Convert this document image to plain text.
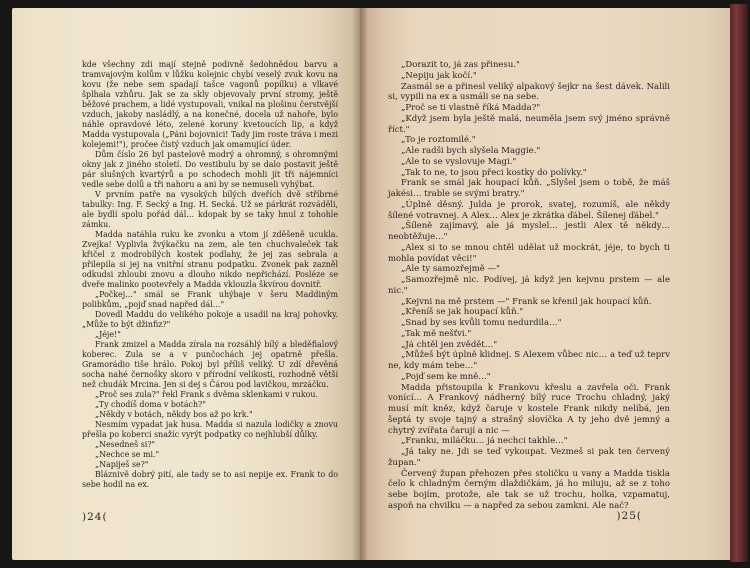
kde všechny zdi mají stejně podivně šedohnědou barvu a tramvajovým kolům v lůžku kolejnic chybí veselý zvuk kovu na kovu (že nebe sem spadají tašce vagonů popílku) a vlkavé šplhala vzhůru. Jak se za skly objevovaly první stromy, ještě běžové prachem, a lidé vystupovali, vnikal na plošinu čerstvější vzduch, jakoby nasládlý, a na konečné, docela už nahoře, bylo náhle opravdové léto, zelené koruny kvetoucích lip, a když Madda vystupovala („Páni bojovnici! Tady jim roste tráva i mezi kolejemi!"), pročee čistý vzduch jak omamující úder.

Dům číslo 26 byl pastelově modrý a ohromný, s ohromnými okny jak z jiného století. Do vestibulu by se dalo postavit ještě pár slušných kvartýrů a po schodech mohli jít tři nájemníci vedle sebe dolů a tři nahoru a ani by se nemuseli vyhýbat.

V prvním patře na vysokých bílých dveřích dvě stříbrné tabulky: Ing. F. Secký a Ing. H. Secká. Už se párkrát rozváděli, ale bydlí spolu pořád dál… kdopak by se taky hnul z tohohle zámku.

Madda natáhla ruku ke zvonku a vtom jí zděšeně ucukla. Zvejka! Vyplivla žvýkačku na zem, ale ten chuchvaleček tak křičel z modrobílých kostek podlahy, že jej zas sebrala a přilepila si jej na vnitřní stranu podpatku. Zvonek pak zazněl odkudsi zhloubi znovu a dlouho nikdo nepřichází. Posléze se dveře malinko pootevřely a Madda vklouzla škvírou dovnitř.

„Počkej…" smál se Frank uhýbaje v šeru Maddiným polibkům, „pojď snad napřed dál…"

Dovedl Maddu do velikého pokoje a usadil na kraj pohovky. „Může to být džinfiz?"

„Jéje!"

Frank zmizel a Madda zírala na rozsáhlý bílý a bleděfialový koberec. Zula se a v punčochách jej opatrně přešla. Gramorádio tiše hrálo. Pokoj byl příliš veliký. U zdí dřevěná socha nahé černošky skoro v přírodní velikosti, rozhodně větší než chudák Mrcina. Jen si dej s Čárou pod lavičkou, mrzáčku.

„Proč ses zula?" řekl Frank s dvěma sklenkami v rukou.

„Ty chodíš doma v botách?"

„Někdy v botách, někdy bos až po krk."

Nesmím vypadat jak husa. Madda si nazula lodičky a znovu přešla po koberci snažíc vyrýt podpatky co nejhlubší důlky.

„Nesedneš si?"

„Nechce se mi."

„Napiješ se?"

Bláznivě dobrý pití, ale tady se to asi nepije ex. Frank to do sebe hodil na ex.

)24(

„Dorazit to, já zas přinesu."

„Nepiju jak kočí."

Zasmál se a přinesl veliký alpakový šejkr na šest dávek. Nalili si, vypili na ex a usmáli se na sebe.

„Proč se ti vlastně říká Madda?"

„Když jsem byla ještě malá, neuměla jsem svý jméno správně říct."

„To je roztomilé."

„Ale radši bych slyšela Maggie."

„Ale to se vyslovuje Magi."

„Tak to ne, to jsou přeci kostky do polívky."

Frank se smál jak houpací kůň. „Slyšel jsem o tobě, že máš jakési… trable se svými bratry."

„Úplně děsný. Julda je prorok, svatej, rozumíš, ale někdy šílené votravnej. A Alex… Alex je zkrátka ďábel. Šílenej ďábel."

„Šíleně zajímavý, ale já myslel… jestli Alex tě někdy… neobtěžuje…"

„Alex si to se mnou chtěl udělat už mockrát, jéje, to bych ti mohla povídat věci!"

„Ale ty samozřejmě —"

„Samozřejmě nic. Podívej, já když jen kejvnu prstem — ale nic."

„Kejvni na mě prstem —" Frank se křenil jak houpací kůň.

„Křeníš se jak houpací kůň."

„Snad by ses kvůli tomu nedurdila…"

„Tak mě nešťvi."

„Já chtěl jen zvědět…"

„Můžeš být úplně klidnej. S Alexem vůbec nic… a teď už teprv ne, kdy mám tebe…"

„Pojď sem ke mně…"

Madda přistoupila k Frankovu křeslu a zavřela oči. Frank vonící… A Frankový nádherný bílý ruce Trochu chladný, jaký musí mít kněz, když čaruje v kostele Frank nikdy nelíbá, jen šeptá ty svoje tajný a strašný slovíčka A ty jeho dvě jemný a chytrý zvířata čarují a nic —

„Franku, miláčku… já nechci takhle…"

„Já taky ne. Jdi se teď vykoupat. Vezmeš si pak ten červený župan."

Červený župan přehozen přes stoličku u vany a Madda tiskla čelo k chladným černým dlaždičkám, já ho miluju, až se z toho sebe bojím, protože, ale tak se už trochu, holka, vzpamatuj, aspoň na chvilku — a napřed za sebou zamkni. Ale nač?

)25(
